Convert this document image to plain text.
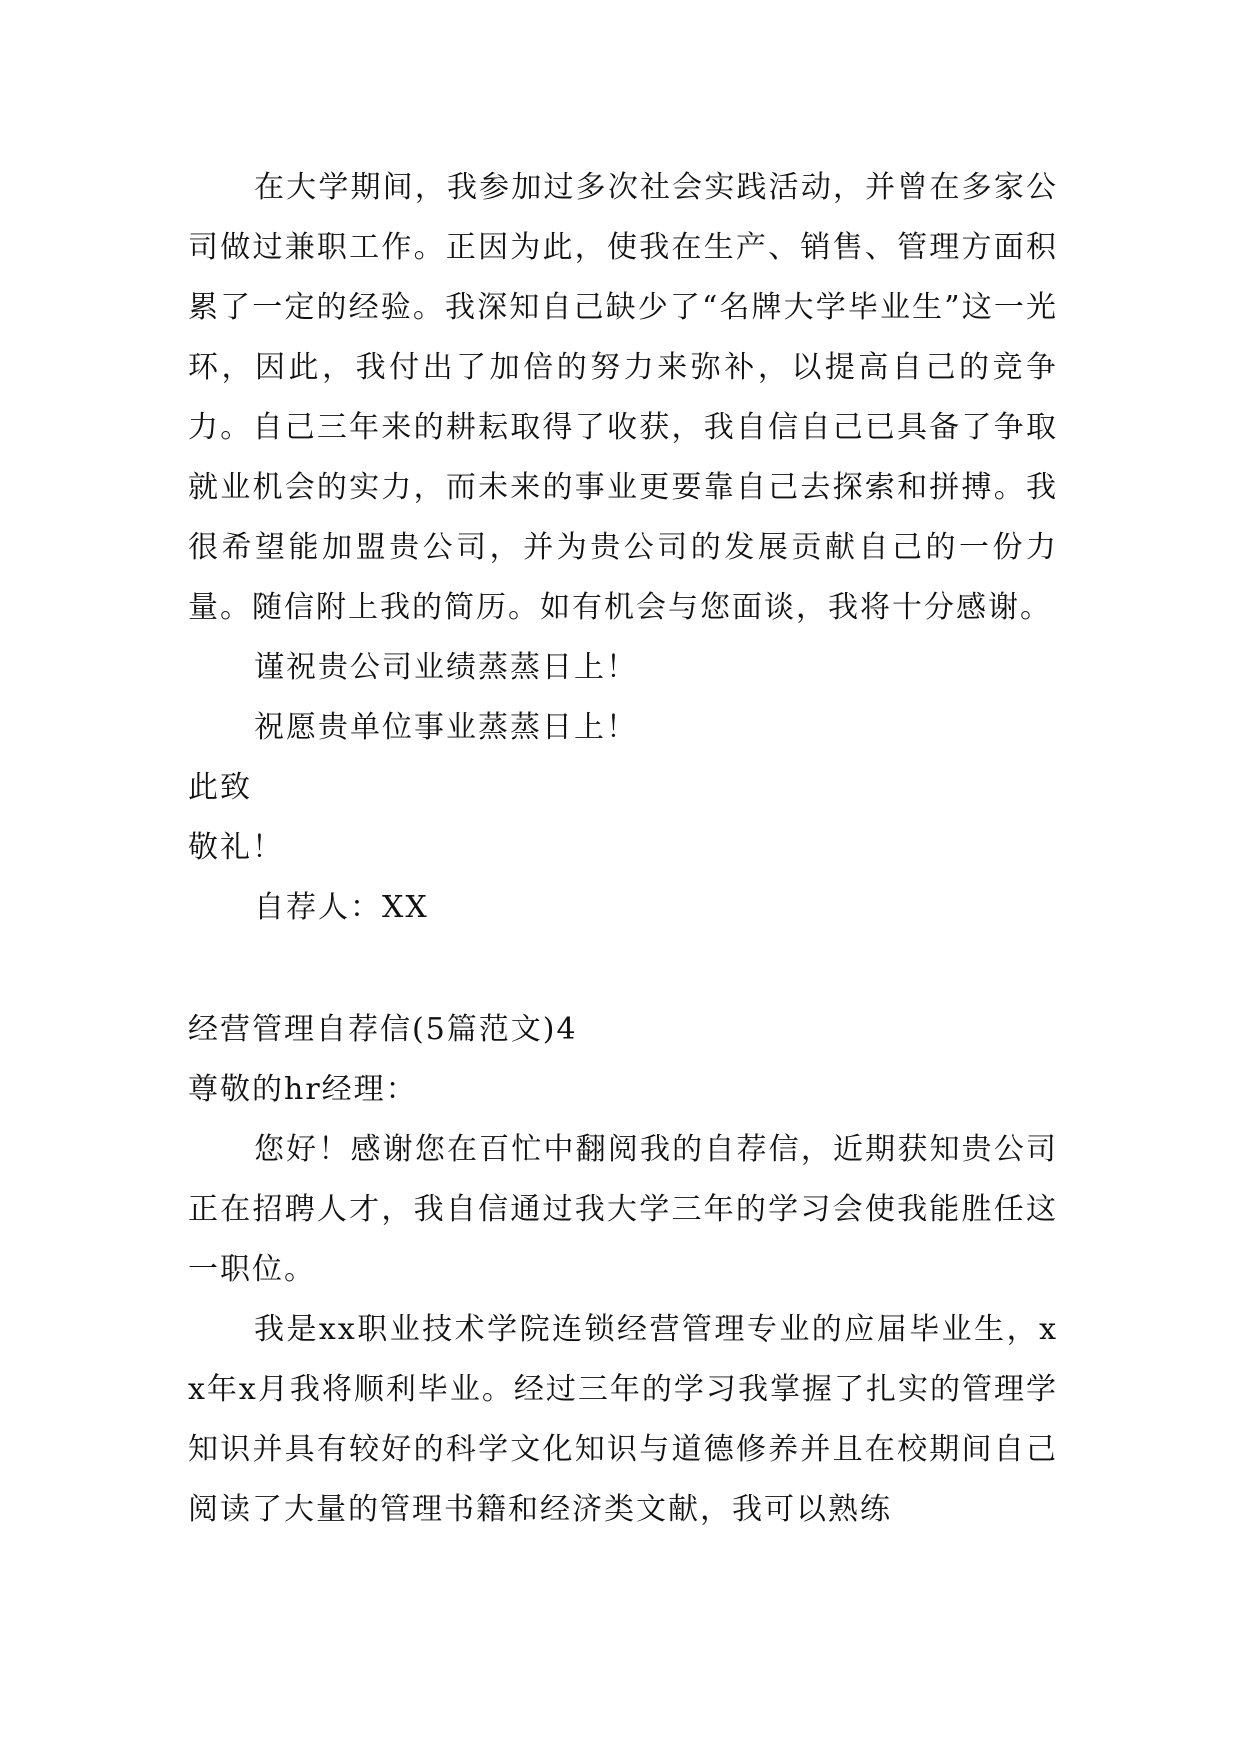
在大学期间，我参加过多次社会实践活动，并曾在多家公司做过兼职工作。正因为此，使我在生产、销售、管理方面积累了一定的经验。我深知自己缺少了“名牌大学毕业生”这一光环，因此，我付出了加倍的努力来弥补，以提高自己的竞争力。自己三年来的耕耘取得了收获，我自信自己已具备了争取就业机会的实力，而未来的事业更要靠自己去探索和拼搏。我很希望能加盟贵公司，并为贵公司的发展贡献自己的一份力量。随信附上我的简历。如有机会与您面谈，我将十分感谢。

谨祝贵公司业绩蒸蒸日上！

祝愿贵单位事业蒸蒸日上！

此致

敬礼！

自荐人：XX

经营管理自荐信(5篇范文)4

尊敬的hr经理：

您好！感谢您在百忙中翻阅我的自荐信，近期获知贵公司正在招聘人才，我自信通过我大学三年的学习会使我能胜任这一职位。

我是xx职业技术学院连锁经营管理专业的应届毕业生，xx年x月我将顺利毕业。经过三年的学习我掌握了扎实的管理学知识并具有较好的科学文化知识与道德修养并且在校期间自己阅读了大量的管理书籍和经济类文献，我可以熟练
